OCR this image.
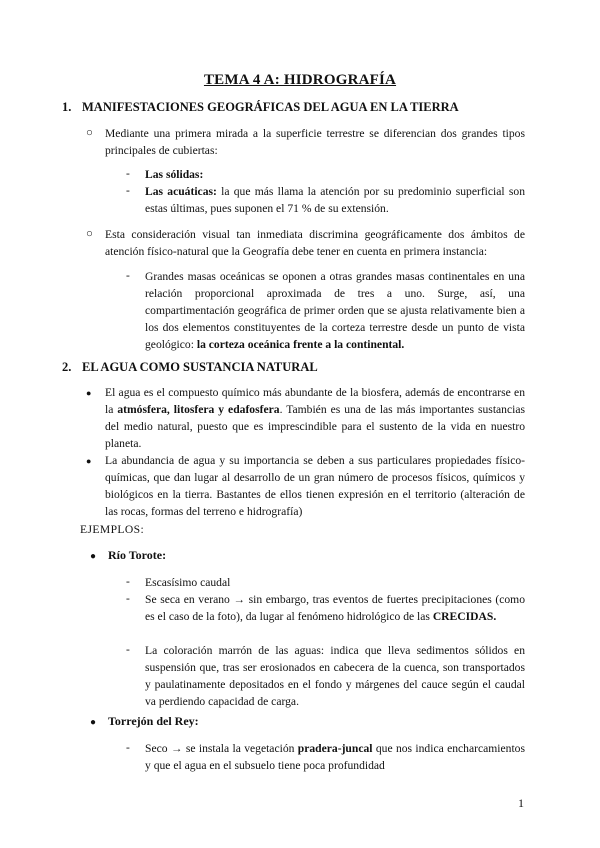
TEMA 4 A: HIDROGRAFÍA
1. MANIFESTACIONES GEOGRÁFICAS DEL AGUA EN LA TIERRA
○ Mediante una primera mirada a la superficie terrestre se diferencian dos grandes tipos principales de cubiertas:
- Las sólidas:
- Las acuáticas: la que más llama la atención por su predominio superficial son estas últimas, pues suponen el 71 % de su extensión.
○ Esta consideración visual tan inmediata discrimina geográficamente dos ámbitos de atención físico-natural que la Geografía debe tener en cuenta en primera instancia:
- Grandes masas oceánicas se oponen a otras grandes masas continentales en una relación proporcional aproximada de tres a uno. Surge, así, una compartimentación geográfica de primer orden que se ajusta relativamente bien a los dos elementos constituyentes de la corteza terrestre desde un punto de vista geológico: la corteza oceánica frente a la continental.
2. EL AGUA COMO SUSTANCIA NATURAL
● El agua es el compuesto químico más abundante de la biosfera, además de encontrarse en la atmósfera, litosfera y edafosfera. También es una de las más importantes sustancias del medio natural, puesto que es imprescindible para el sustento de la vida en nuestro planeta.
● La abundancia de agua y su importancia se deben a sus particulares propiedades físico-químicas, que dan lugar al desarrollo de un gran número de procesos físicos, químicos y biológicos en la tierra. Bastantes de ellos tienen expresión en el territorio (alteración de las rocas, formas del terreno e hidrografía)
EJEMPLOS:
● Río Torote:
- Escasísimo caudal
- Se seca en verano → sin embargo, tras eventos de fuertes precipitaciones (como es el caso de la foto), da lugar al fenómeno hidrológico de las CRECIDAS.
- La coloración marrón de las aguas: indica que lleva sedimentos sólidos en suspensión que, tras ser erosionados en cabecera de la cuenca, son transportados y paulatinamente depositados en el fondo y márgenes del cauce según el caudal va perdiendo capacidad de carga.
● Torrejón del Rey:
- Seco → se instala la vegetación pradera-juncal que nos indica encharcamientos y que el agua en el subsuelo tiene poca profundidad
1
